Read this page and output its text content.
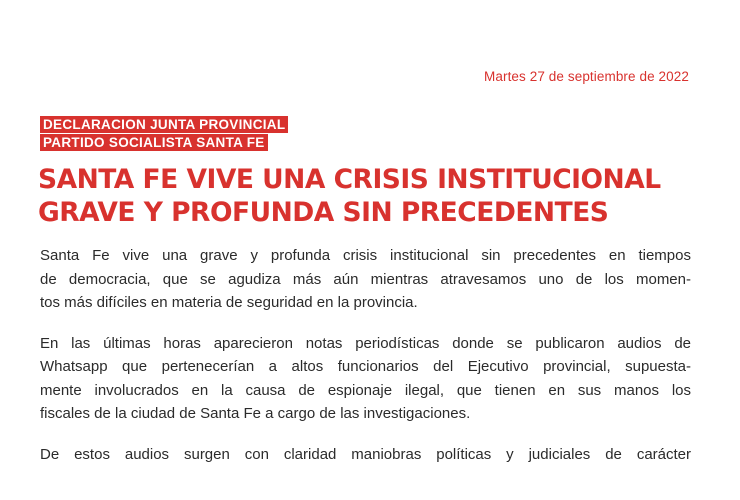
Martes 27 de septiembre de 2022
DECLARACION JUNTA PROVINCIAL
PARTIDO SOCIALISTA SANTA FE
SANTA FE VIVE UNA CRISIS INSTITUCIONAL
GRAVE Y PROFUNDA SIN PRECEDENTES

Santa Fe vive una grave y profunda crisis institucional sin precedentes en tiempos
de democracia, que se agudiza más aún mientras atravesamos uno de los momen-
tos más difíciles en materia de seguridad en la provincia.

En las últimas horas aparecieron notas periodísticas donde se publicaron audios de
Whatsapp que pertenecerían a altos funcionarios del Ejecutivo provincial, supuesta-
mente involucrados en la causa de espionaje ilegal, que tienen en sus manos los
fiscales de la ciudad de Santa Fe a cargo de las investigaciones.

De estos audios surgen con claridad maniobras políticas y judiciales de carácter
